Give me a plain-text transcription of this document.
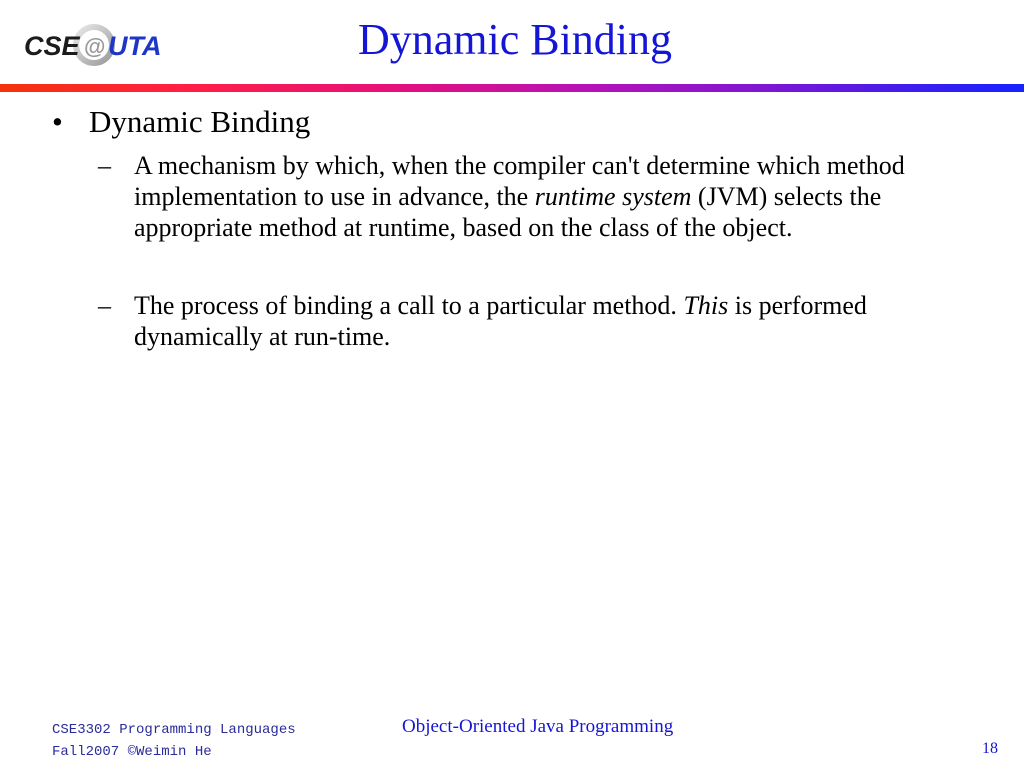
CSE @ UTA	Dynamic Binding
• Dynamic Binding
– A mechanism by which, when the compiler can't determine which method implementation to use in advance, the runtime system (JVM) selects the appropriate method at runtime, based on the class of the object.
– The process of binding a call to a particular method. This is performed dynamically at run-time.
CSE3302 Programming Languages
Fall2007 ©Weimin He
Object-Oriented Java Programming
18
